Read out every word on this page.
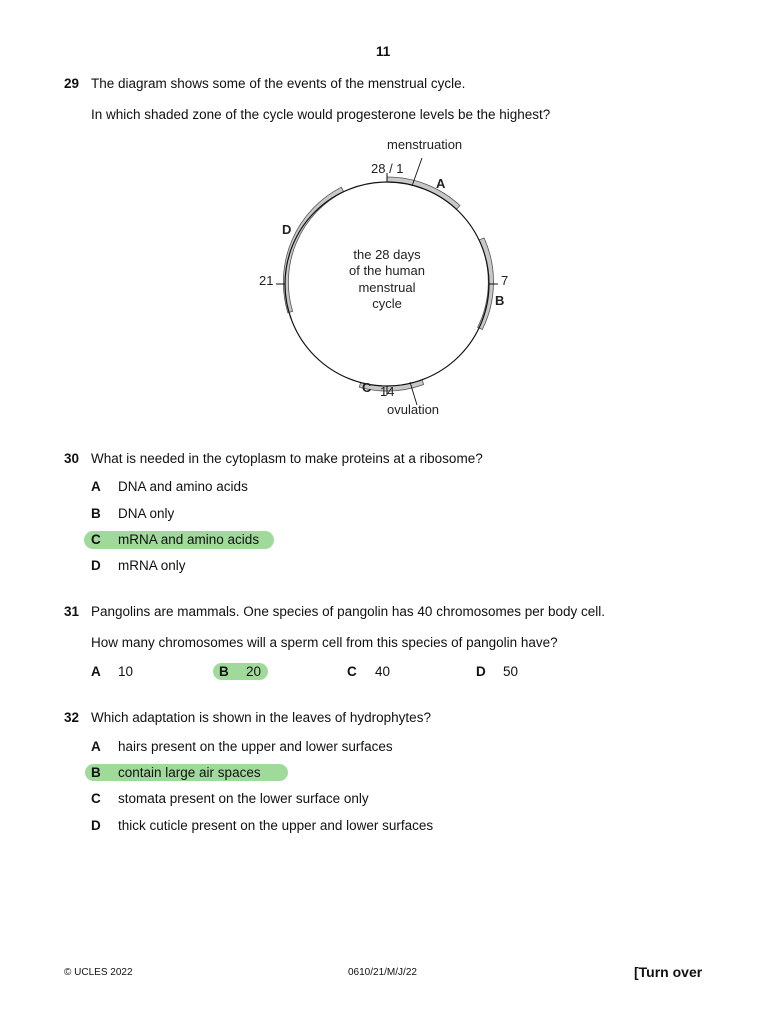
11
29 The diagram shows some of the events of the menstrual cycle.
In which shaded zone of the cycle would progesterone levels be the highest?
menstruation
28 / 1
A
D
21	7
B
C 14
ovulation
the 28 days
of the human
menstrual
cycle
30 What is needed in the cytoplasm to make proteins at a ribosome?
A DNA and amino acids
B DNA only
C mRNA and amino acids
D mRNA only
31 Pangolins are mammals. One species of pangolin has 40 chromosomes per body cell.
How many chromosomes will a sperm cell from this species of pangolin have?
A 10	B 20	C 40	D 50
32 Which adaptation is shown in the leaves of hydrophytes?
A hairs present on the upper and lower surfaces
B contain large air spaces
C stomata present on the lower surface only
D thick cuticle present on the upper and lower surfaces
© UCLES 2022	0610/21/M/J/22	[Turn over
